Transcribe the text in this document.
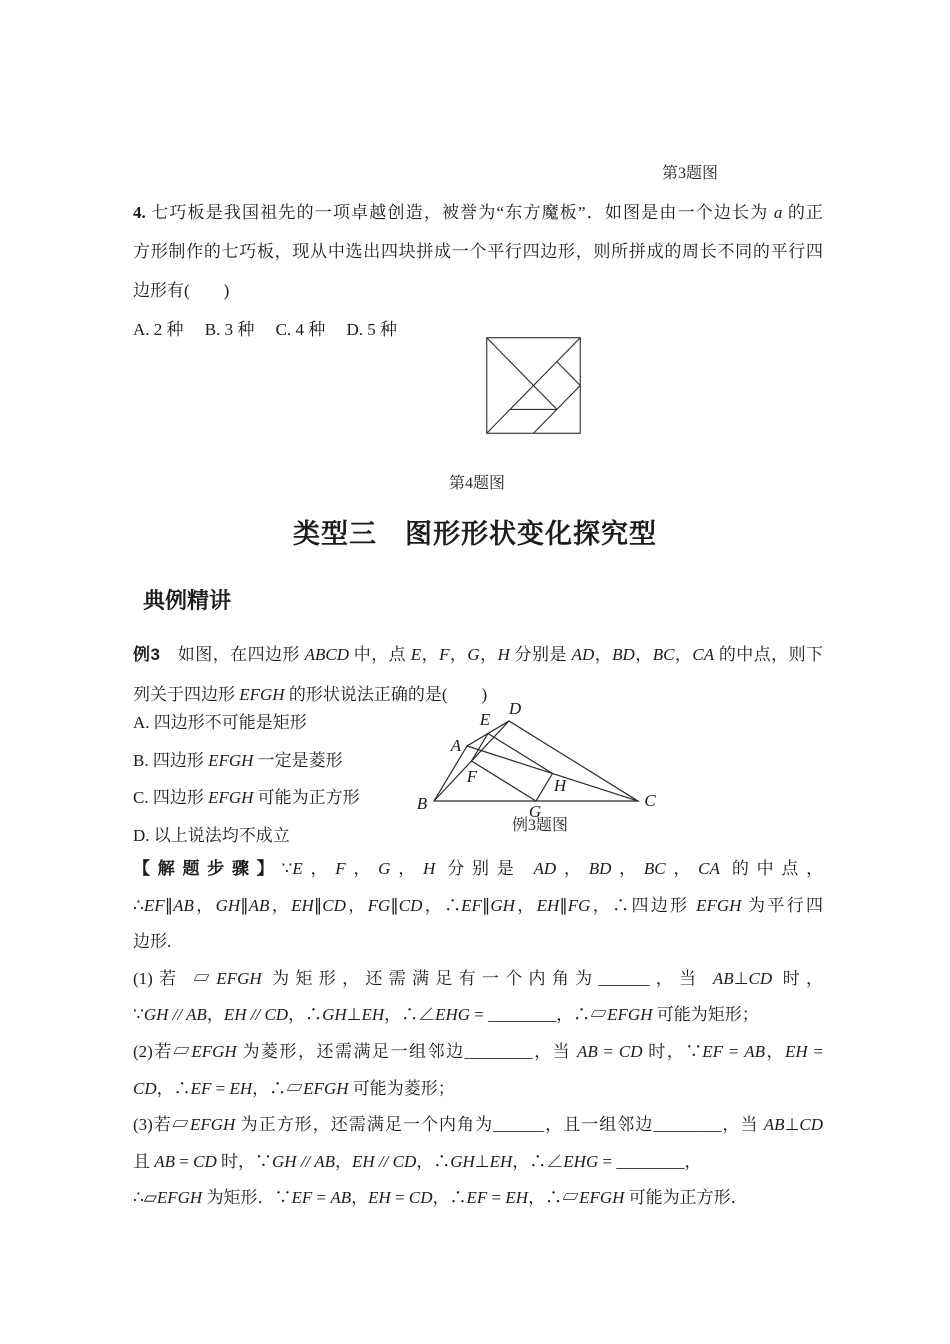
第3题图
4. 七巧板是我国祖先的一项卓越创造，被誉为“东方魔板”．如图是由一个边长为 a 的正
方形制作的七巧板，现从中选出四块拼成一个平行四边形，则所拼成的周长不同的平行四
边形有(　　)
A. 2 种　 B. 3 种　 C. 4 种　 D. 5 种
第4题图
类型三　图形形状变化探究型
典例精讲
例3　如图，在四边形 ABCD 中，点 E，F，G，H 分别是 AD，BD，BC，CA 的中点，则下
列关于四边形 EFGH 的形状说法正确的是(　　)
A. 四边形不可能是矩形
B. 四边形 EFGH 一定是菱形
C. 四边形 EFGH 可能为正方形
D. 以上说法均不成立
A
B	C
D
E
F
G
H
例3题图
【解题步骤】∵E，F，G，H 分别是 AD，BD，BC，CA 的中点，
∴EF∥AB，GH∥AB，EH∥CD，FG∥CD，∴EF∥GH，EH∥FG，∴四边形 EFGH 为平行四
边形.
(1)若 ▱EFGH 为矩形，还需满足有一个内角为______，当 AB⊥CD 时，
∵GH // AB，EH // CD，∴GH⊥EH，∴∠EHG = ________，∴▱EFGH 可能为矩形；
(2)若▱EFGH 为菱形，还需满足一组邻边________，当 AB = CD 时，∵EF = AB，EH =
CD，∴EF = EH，∴▱EFGH 可能为菱形；
(3)若▱EFGH 为正方形，还需满足一个内角为______，且一组邻边________，当 AB⊥CD
且 AB = CD 时，∵GH // AB，EH // CD，∴GH⊥EH，∴∠EHG = ________，
∴▱EFGH 为矩形．∵EF = AB，EH = CD，∴EF = EH，∴▱EFGH 可能为正方形．
